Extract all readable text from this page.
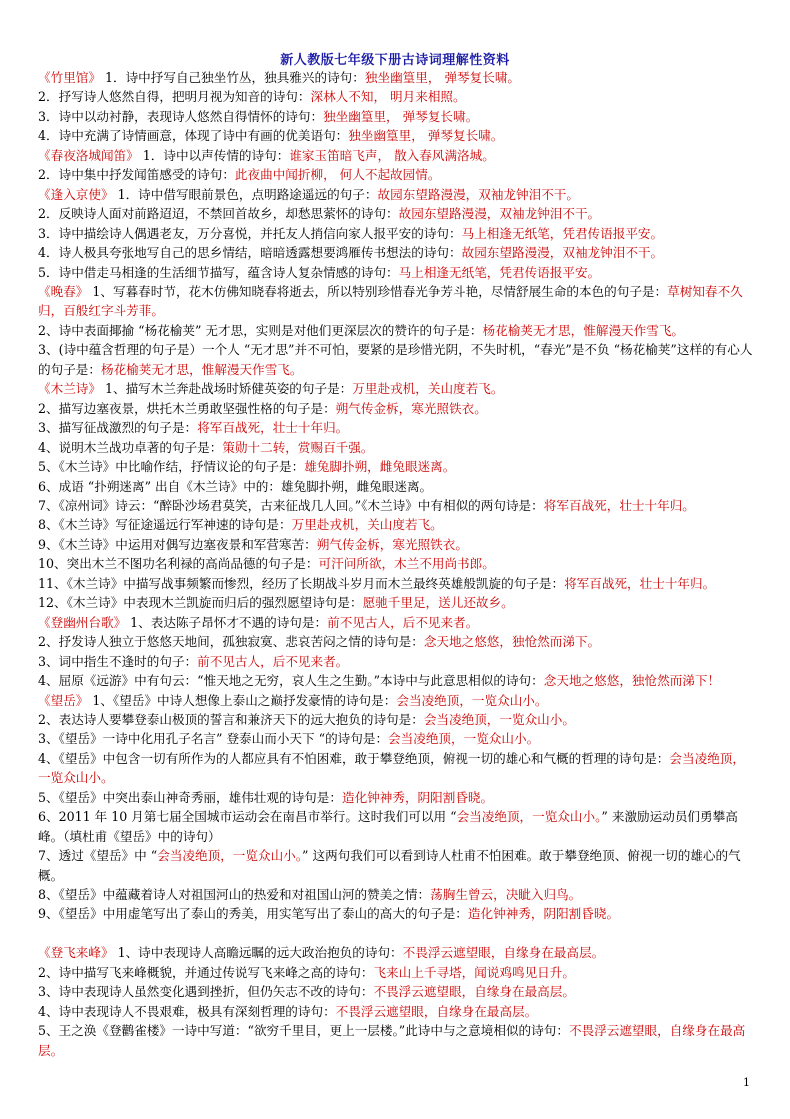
新人教版七年级下册古诗词理解性资料
《竹里馆》 1．诗中抒写自己独坐竹丛，独具雅兴的诗句：独坐幽篁里， 弹琴复长啸。
2．抒写诗人悠然自得，把明月视为知音的诗句：深林人不知， 明月来相照。
3．诗中以动衬静，表现诗人悠然自得情怀的诗句：独坐幽篁里， 弹琴复长啸。
4．诗中充满了诗情画意，体现了诗中有画的优美语句：独坐幽篁里， 弹琴复长啸。
《春夜洛城闻笛》 1．诗中以声传情的诗句：谁家玉笛暗飞声， 散入春风满洛城。
2．诗中集中抒发闻笛感受的诗句：此夜曲中闻折柳， 何人不起故园情。
《逢入京使》 1．诗中借写眼前景色，点明路途遥远的句子：故园东望路漫漫，双袖龙钟泪不干。
2．反映诗人面对前路迢迢，不禁回首故乡，却愁思萦怀的诗句：故园东望路漫漫，双袖龙钟泪不干。
3．诗中描绘诗人偶遇老友，万分喜悦，并托友人捎信向家人报平安的诗句：马上相逢无纸笔，凭君传语报平安。
4．诗人极具夸张地写自己的思乡情结，暗暗透露想要鸿雁传书想法的诗句：故园东望路漫漫，双袖龙钟泪不干。
5．诗中借走马相逢的生活细节描写，蕴含诗人复杂情感的诗句：马上相逢无纸笔，凭君传语报平安。
《晚春》 1、写暮春时节，花木仿佛知晓春将逝去，所以特别珍惜春光争芳斗艳，尽情舒展生命的本色的句子是：草树知春不久归，百般红字斗芳菲。
2、诗中表面揶揄 “杨花榆荚” 无才思，实则是对他们更深层次的赞许的句子是：杨花榆荚无才思，惟解漫天作雪飞。
3、(诗中蕴含哲理的句子是）一个人 “无才思”并不可怕，要紧的是珍惜光阴，不失时机，“春光”是不负 “杨花榆荚”这样的有心人的句子是：杨花榆荚无才思，惟解漫天作雪飞。
《木兰诗》 1、描写木兰奔赴战场时矫健英姿的句子是：万里赴戎机，关山度若飞。
2、描写边塞夜景，烘托木兰勇敢坚强性格的句子是：朔气传金柝，寒光照铁衣。
3、描写征战激烈的句子是：将军百战死，壮士十年归。
4、说明木兰战功卓著的句子是：策勋十二转，赏赐百千强。
5、《木兰诗》中比喻作结，抒情议论的句子是：雄兔脚扑朔，雌兔眼迷离。
6、成语 “扑朔迷离” 出自《木兰诗》中的：雄兔脚扑朔，雌兔眼迷离。
7、《凉州词》诗云：“醉卧沙场君莫笑，古来征战几人回。”《木兰诗》中有相似的两句诗是：将军百战死，壮士十年归。
8、《木兰诗》写征途遥远行军神速的诗句是：万里赴戎机，关山度若飞。
9、《木兰诗》中运用对偶写边塞夜景和军营寒苦：朔气传金柝，寒光照铁衣。
10、突出木兰不图功名利禄的高尚品德的句子是：可汗问所欲，木兰不用尚书郎。
11、《木兰诗》中描写战事频繁而惨烈，经历了长期战斗岁月而木兰最终英雄般凯旋的句子是：将军百战死，壮士十年归。
12、《木兰诗》中表现木兰凯旋而归后的强烈愿望诗句是：愿驰千里足，送儿还故乡。
《登幽州台歌》 1、表达陈子昂怀才不遇的诗句是：前不见古人，后不见来者。
2、抒发诗人独立于悠悠天地间，孤独寂寞、悲哀苦闷之情的诗句是：念天地之悠悠，独怆然而涕下。
3、词中指生不逢时的句子：前不见古人，后不见来者。
4、屈原《远游》中有句云：“惟天地之无穷，哀人生之生勤。”本诗中与此意思相似的诗句：念天地之悠悠，独怆然而涕下！
《望岳》 1、《望岳》中诗人想像上泰山之巅抒发豪情的诗句是：会当凌绝顶，一览众山小。
2、表达诗人要攀登泰山极顶的誓言和兼济天下的远大抱负的诗句是：会当凌绝顶，一览众山小。
3、《望岳》一诗中化用孔子名言” 登泰山而小天下 “的诗句是：会当凌绝顶，一览众山小。
4、《望岳》中包含一切有所作为的人都应具有不怕困难，敢于攀登绝顶，俯视一切的雄心和气概的哲理的诗句是：会当凌绝顶，一览众山小。
5、《望岳》中突出泰山神奇秀丽，雄伟壮观的诗句是：造化钟神秀，阴阳割昏晓。
6、2011 年 10 月第七届全国城市运动会在南昌市举行。这时我们可以用 “会当凌绝顶，一览众山小。” 来激励运动员们勇攀高峰。（填杜甫《望岳》中的诗句）
7、透过《望岳》中 “会当凌绝顶，一览众山小。” 这两句我们可以看到诗人杜甫不怕困难。敢于攀登绝顶、俯视一切的雄心的气概。
8、《望岳》中蕴藏着诗人对祖国河山的热爱和对祖国山河的赞美之情：荡胸生曾云，决眦入归鸟。
9、《望岳》中用虚笔写出了泰山的秀美，用实笔写出了泰山的高大的句子是：造化钟神秀，阴阳割昏晓。
《登飞来峰》 1、诗中表现诗人高瞻远瞩的远大政治抱负的诗句：不畏浮云遮望眼，自缘身在最高层。
2、诗中描写飞来峰概貌，并通过传说写飞来峰之高的诗句：飞来山上千寻塔，闻说鸡鸣见日升。
3、诗中表现诗人虽然变化遇到挫折，但仍矢志不改的诗句：不畏浮云遮望眼，自缘身在最高层。
4、诗中表现诗人不畏艰难，极具有深刻哲理的诗句：不畏浮云遮望眼，自缘身在最高层。
5、王之涣《登鹳雀楼》一诗中写道：“欲穷千里目，更上一层楼。”此诗中与之意境相似的诗句：不畏浮云遮望眼，自缘身在最高层。
1
